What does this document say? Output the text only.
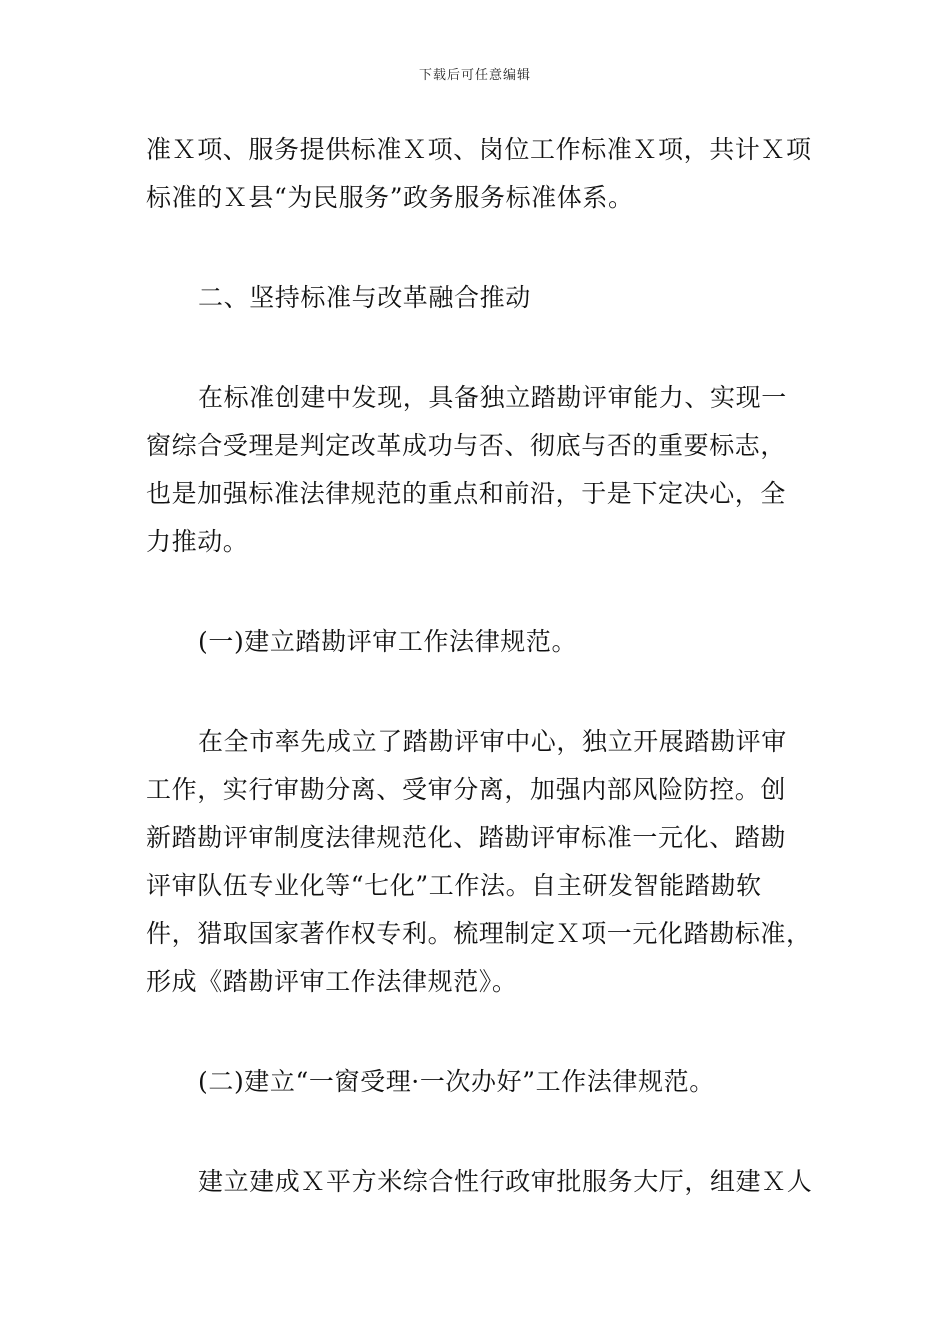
下载后可任意编辑
准Ｘ项、服务提供标准Ｘ项、岗位工作标准Ｘ项，共计Ｘ项
标准的Ｘ县“为民服务”政务服务标准体系。
二、坚持标准与改革融合推动
在标准创建中发现，具备独立踏勘评审能力、实现一
窗综合受理是判定改革成功与否、彻底与否的重要标志，
也是加强标准法律规范的重点和前沿，于是下定决心，全
力推动。
(一)建立踏勘评审工作法律规范。
在全市率先成立了踏勘评审中心，独立开展踏勘评审
工作，实行审勘分离、受审分离，加强内部风险防控。创
新踏勘评审制度法律规范化、踏勘评审标准一元化、踏勘
评审队伍专业化等“七化”工作法。自主研发智能踏勘软
件，猎取国家著作权专利。梳理制定Ｘ项一元化踏勘标准，
形成《踏勘评审工作法律规范》。
(二)建立“一窗受理·一次办好”工作法律规范。
建立建成Ｘ平方米综合性行政审批服务大厅，组建Ｘ人
